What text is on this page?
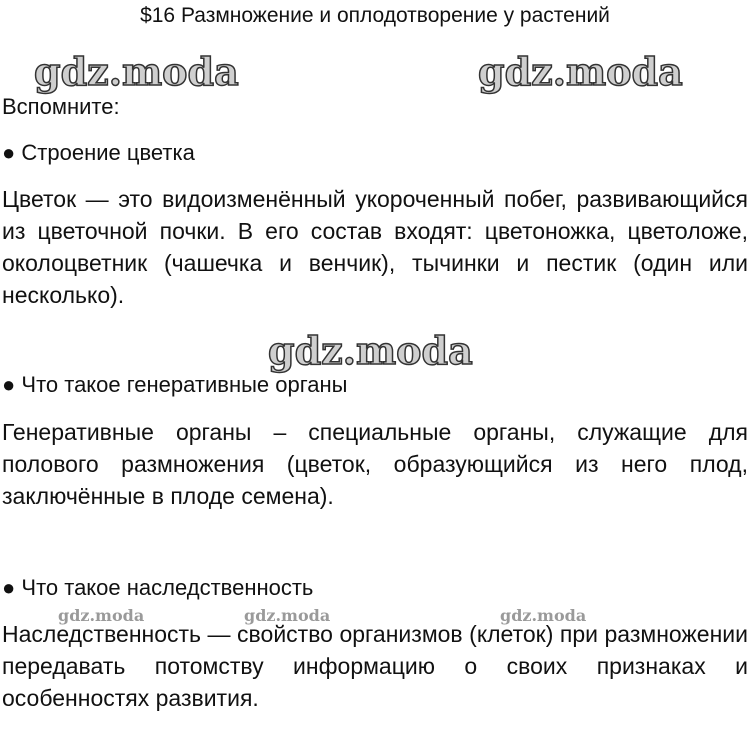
$16 Размножение и оплодотворение у растений
gdz.moda	gdz.moda
Вспомните:
● Строение цветка
Цветок — это видоизменённый укороченный побег, развивающийся из цветочной почки. В его состав входят: цветоножка, цветоложе, околоцветник (чашечка и венчик), тычинки и пестик (один или несколько).
gdz.moda
● Что такое генеративные органы
Генеративные органы – специальные органы, служащие для полового размножения (цветок, образующийся из него плод, заключённые в плоде семена).
● Что такое наследственность
gdz.moda	gdz.moda	gdz.moda
Наследственность — свойство организмов (клеток) при размножении передавать потомству информацию о своих признаках и особенностях развития.
